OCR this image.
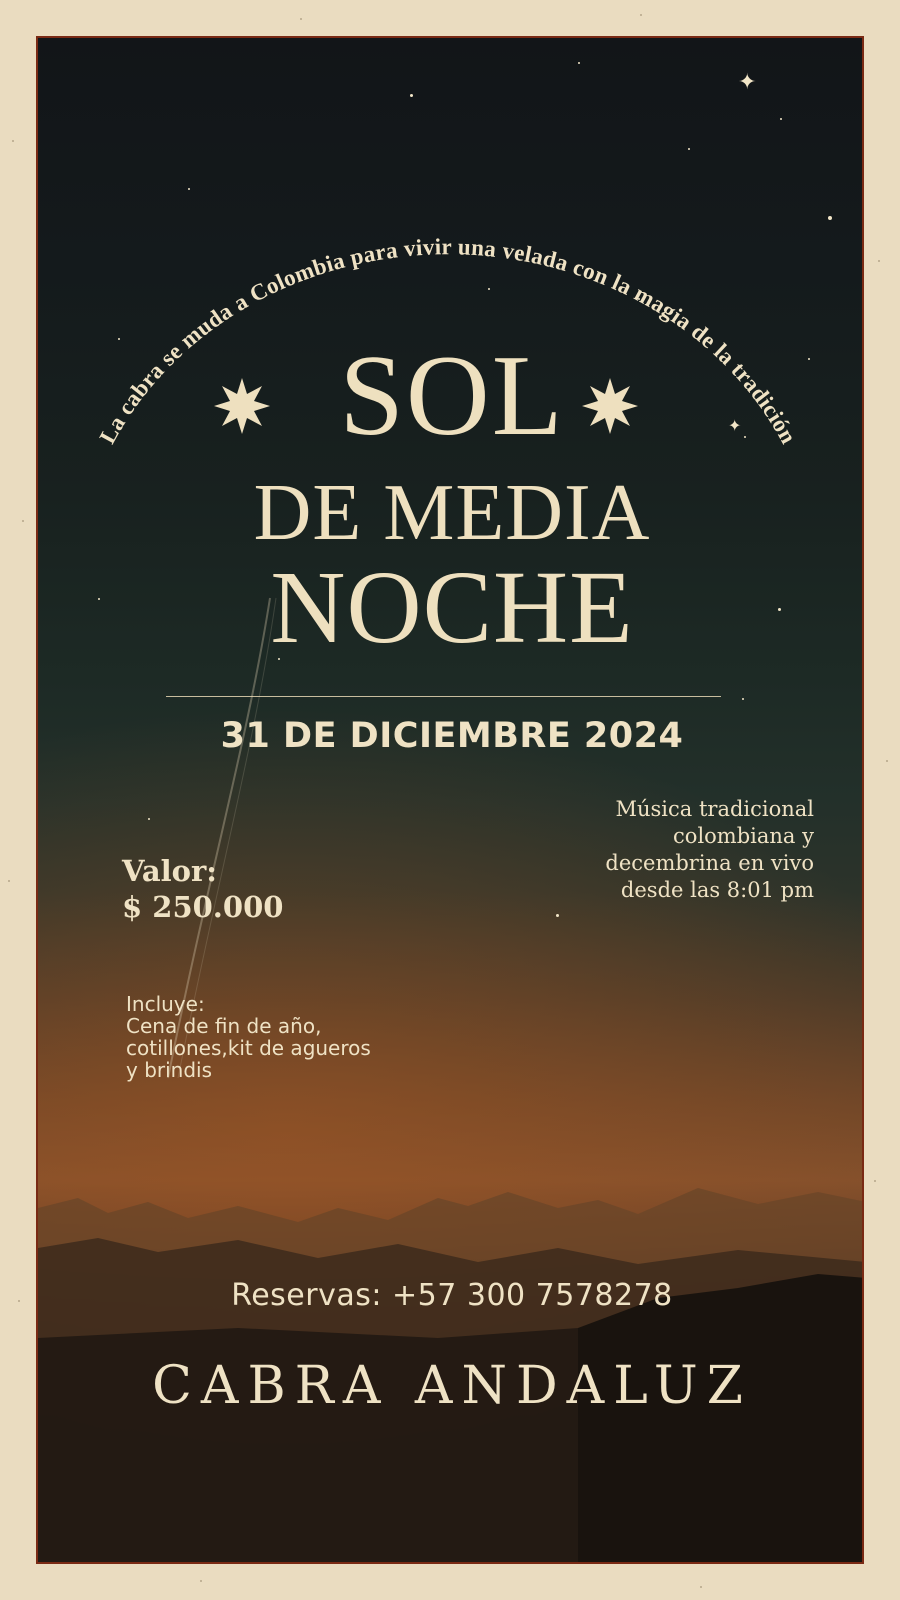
✦
✦
La cabra se muda a Colombia para vivir una velada con la magia de la tradición
SOL
DE MEDIA
NOCHE
31 DE DICIEMBRE 2024
Música tradicional
colombiana y
decembrina en vivo
desde las 8:01 pm
Valor:
$ 250.000
Incluye:
Cena de fin de año,
cotillones,kit de agueros
y brindis
Reservas: +57 300 7578278
CABRA ANDALUZ
